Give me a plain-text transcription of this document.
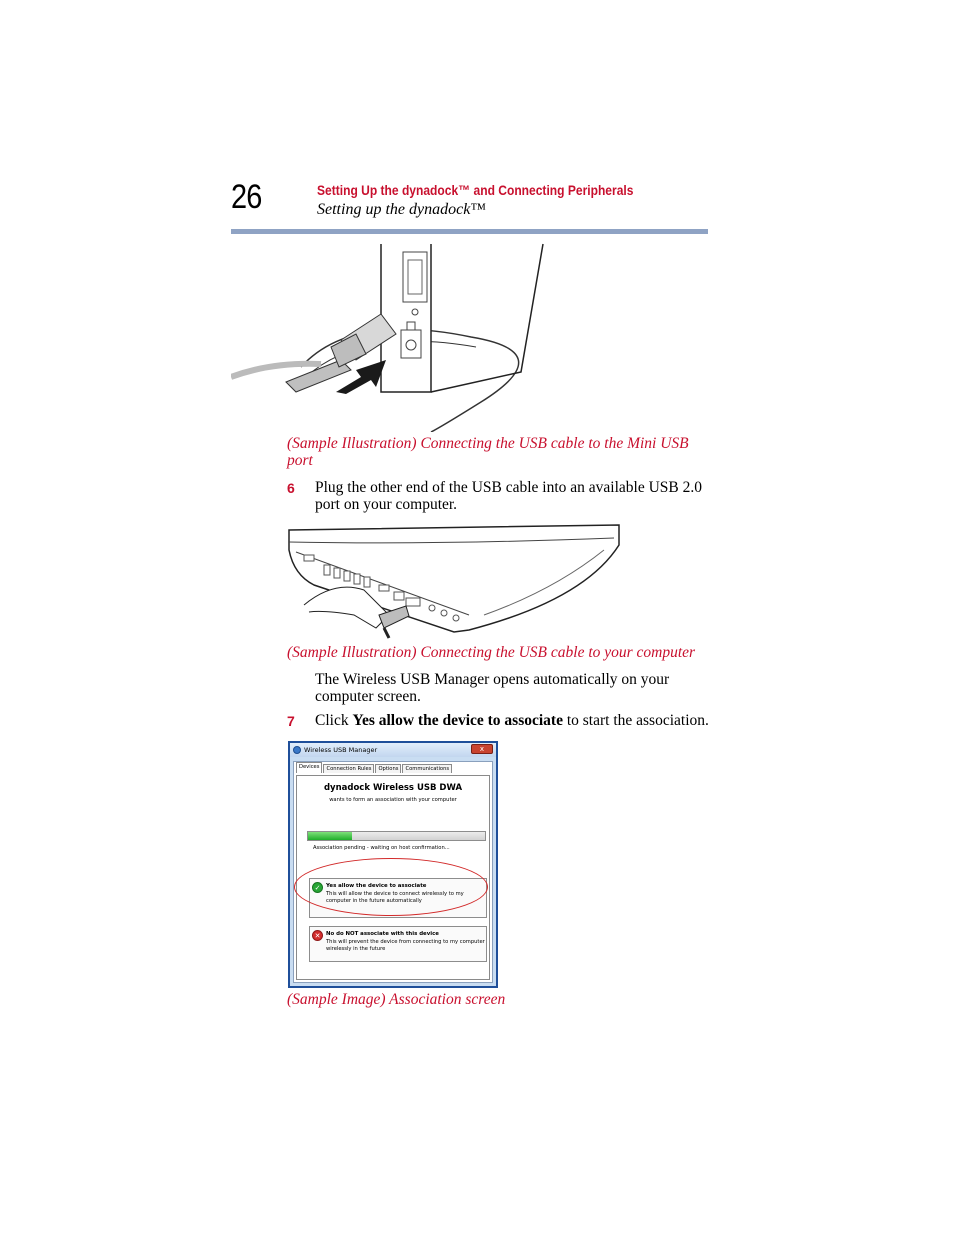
26	Setting Up the dynadock™ and Connecting Peripherals
Setting up the dynadock™
(Sample Illustration) Connecting the USB cable to the Mini USB port
6 Plug the other end of the USB cable into an available USB 2.0 port on your computer.
(Sample Illustration) Connecting the USB cable to your computer
The Wireless USB Manager opens automatically on your computer screen.
7 Click Yes allow the device to associate to start the association.
Wireless USB Manager	x
Devices	Connection Rules	Options	Communications
dynadock Wireless USB DWA
wants to form an association with your computer
Association pending - waiting on host confirmation...
✓	Yes allow the device to associate
This will allow the device to connect wirelessly to my computer in the future automatically
✕	No do NOT associate with this device
This will prevent the device from connecting to my computer wirelessly in the future
(Sample Image) Association screen
